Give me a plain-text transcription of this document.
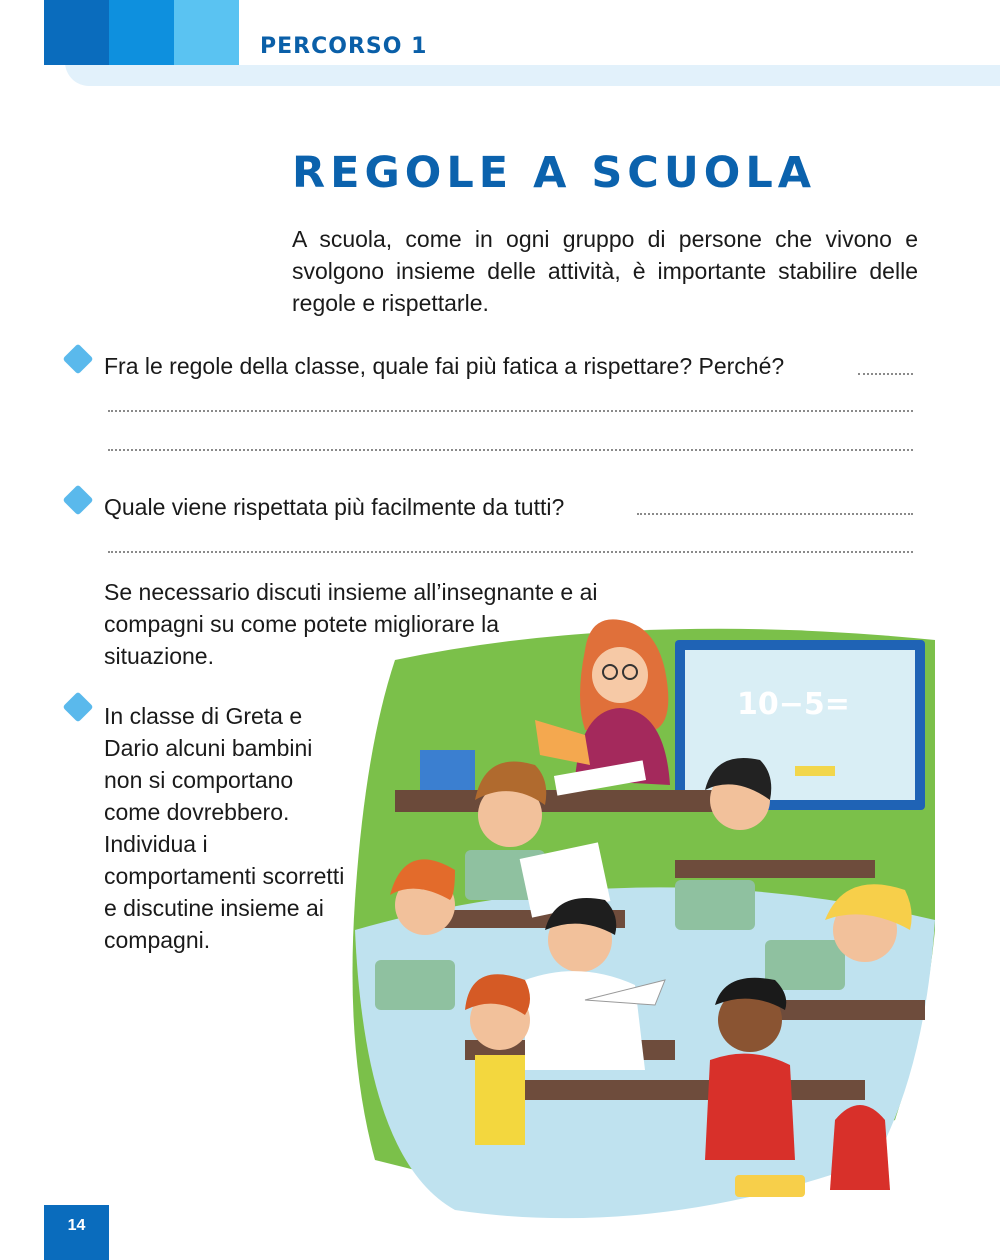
PERCORSO 1
REGOLE A SCUOLA
A scuola, come in ogni gruppo di persone che vivono e svolgono insieme delle attività, è importante stabilire delle regole e rispettarle.
Fra le regole della classe, quale fai più fatica a rispettare? Perché?
Quale viene rispettata più facilmente da tutti?
Se necessario discuti insieme all’insegnante e ai compagni su come potete migliorare la situazione.
In classe di Greta e Dario alcuni bambini non si comportano come dovrebbero. Individua i comportamenti scorretti e discutine insieme ai compagni.
10−5=
14
